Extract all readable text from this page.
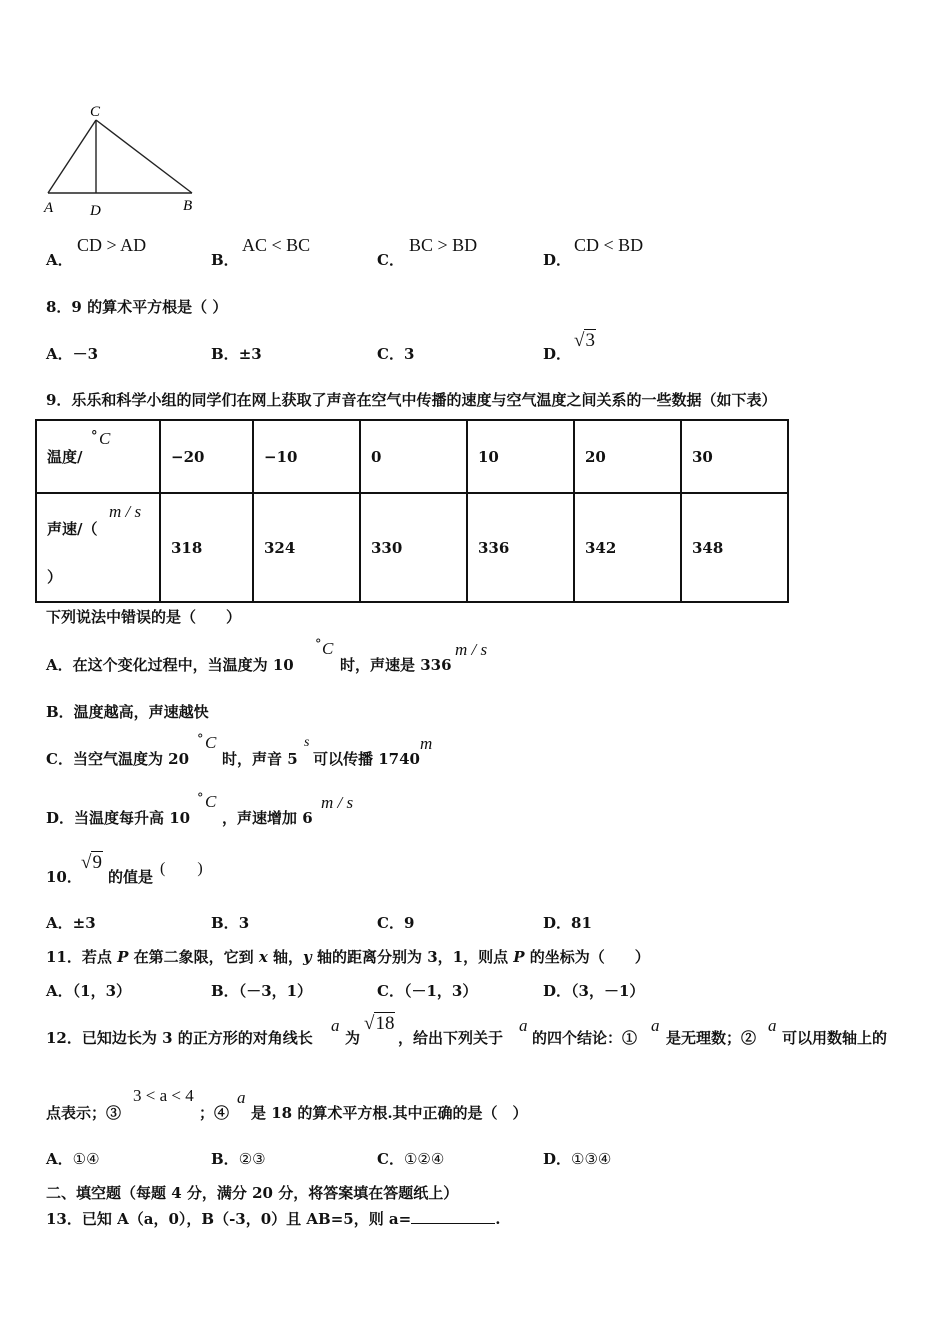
C
A D	B
A．
CD > AD
B．
AC < BC
C．
BC > BD
D．
CD < BD
8．9 的算术平方根是（ ）
A．－3	B．±3	C．3	D．
√3
9．乐乐和科学小组的同学们在网上获取了声音在空气中传播的速度与空气温度之间关系的一些数据（如下表）
温度/
° C	−20	−10	0	10	20	30

声速/（
m / s
）	318	324	330	336	342	348
下列说法中错误的是（　　）
A．在这个变化过程中，当温度为 10
° C
时，声速是 336
m / s
B．温度越高，声速越快
C．当空气温度为 20
° C
时，声音 5
s
可以传播 1740
m
D．当温度每升高 10
° C
，声速增加 6
m / s
10．
√9
的值是 (　　)
A．±3	B．3	C．9	D．81
11．若点 P 在第二象限，它到 x 轴，y 轴的距离分别为 3，1，则点 P 的坐标为（　　）
A．（1，3）	B．（－3，1）	C．（－1，3）	D．（3，－1）
12．已知边长为 3 的正方形的对角线长
a
为
√18
，给出下列关于
a
的四个结论：①
a
是无理数；②
a
可以用数轴上的
点表示；③
3 < a < 4
；④
a
是 18 的算术平方根.其中正确的是（　）
A．①④	B．②③	C．①②④	D．①③④
二、填空题（每题 4 分，满分 20 分，将答案填在答题纸上）
13．已知 A（a，0），B（-3，0）且 AB=5，则 a=	.
